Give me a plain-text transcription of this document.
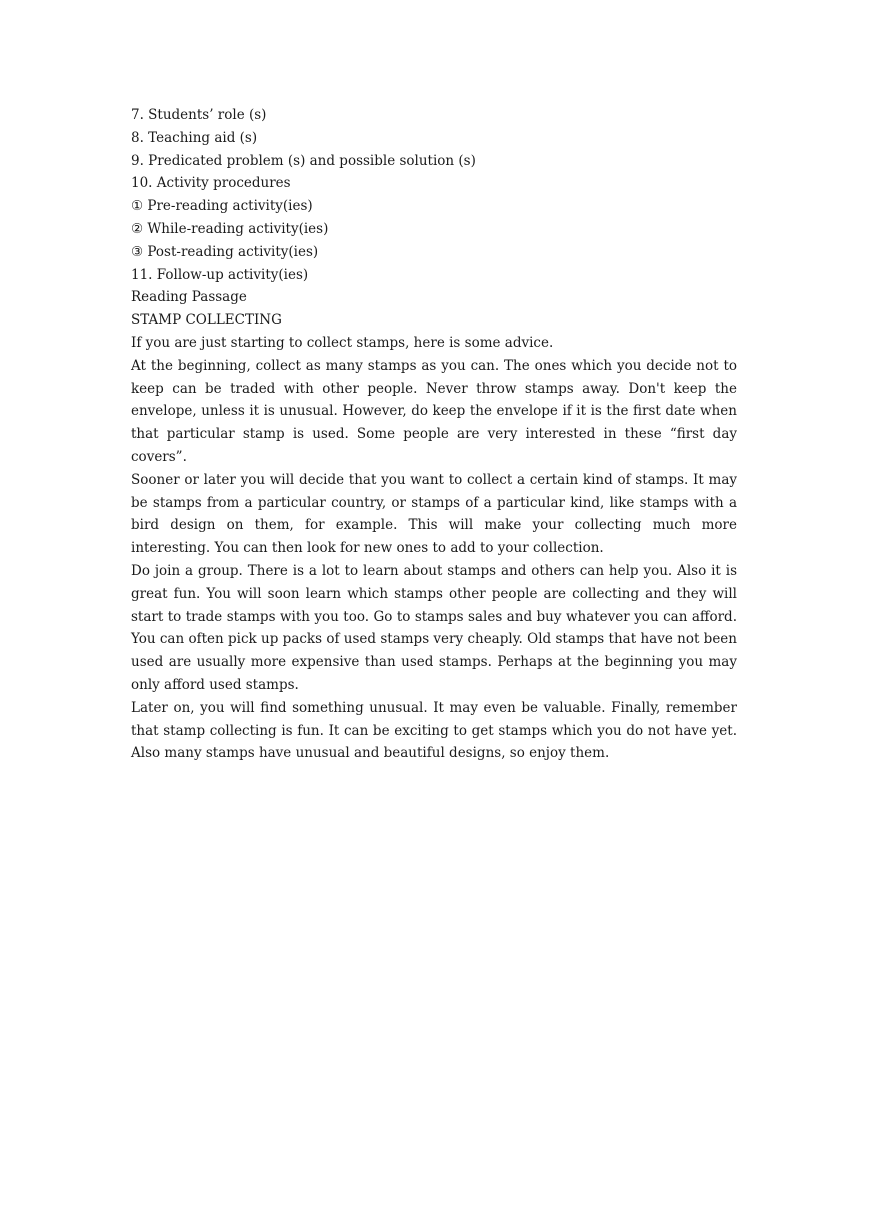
7. Students’ role (s)
8. Teaching aid (s)
9. Predicated problem (s) and possible solution (s)
10. Activity procedures
① Pre-reading activity(ies)
② While-reading activity(ies)
③ Post-reading activity(ies)
11. Follow-up activity(ies)
Reading Passage
STAMP COLLECTING

If you are just starting to collect stamps, here is some advice.

At the beginning, collect as many stamps as you can. The ones which you decide not to keep can be traded with other people. Never throw stamps away. Don't keep the envelope, unless it is unusual. However, do keep the envelope if it is the first date when that particular stamp is used. Some people are very interested in these “first day covers”.

Sooner or later you will decide that you want to collect a certain kind of stamps. It may be stamps from a particular country, or stamps of a particular kind, like stamps with a bird design on them, for example. This will make your collecting much more interesting. You can then look for new ones to add to your collection.

Do join a group. There is a lot to learn about stamps and others can help you. Also it is great fun. You will soon learn which stamps other people are collecting and they will start to trade stamps with you too. Go to stamps sales and buy whatever you can afford. You can often pick up packs of used stamps very cheaply. Old stamps that have not been used are usually more expensive than used stamps. Perhaps at the beginning you may only afford used stamps.

Later on, you will find something unusual. It may even be valuable. Finally, remember that stamp collecting is fun. It can be exciting to get stamps which you do not have yet. Also many stamps have unusual and beautiful designs, so enjoy them.
